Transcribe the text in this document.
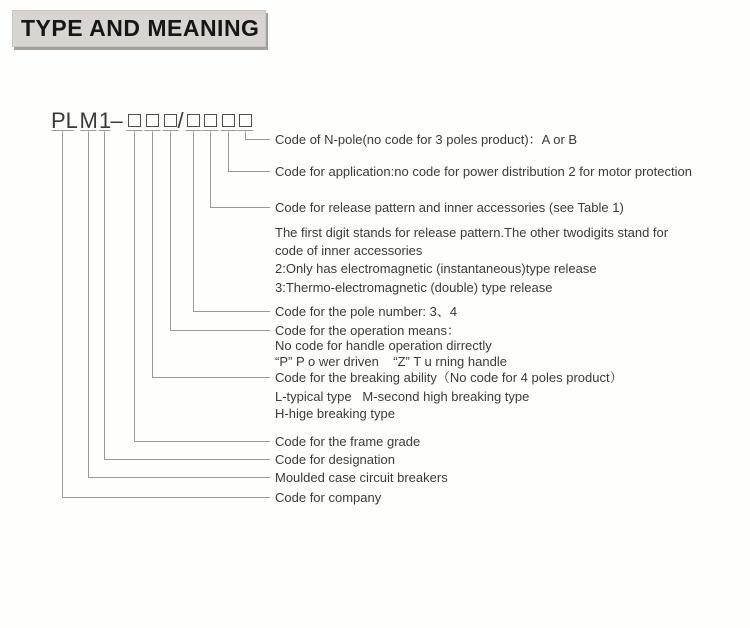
TYPE AND MEANING
PL M 1 – /
Code of N-pole(no code for 3 poles product)：A or B
Code for application:no code for power distribution 2 for motor protection
Code for release pattern and inner accessories (see Table 1)
The first digit stands for release pattern.The other twodigits stand for
code of inner accessories
2:Only has electromagnetic (instantaneous)type release
3:Thermo-electromagnetic (double) type release
Code for the pole number: 3、4
Code for the operation means：
No code for handle operation dirrectly
“P” P o wer driven    “Z” T u rning handle
Code for the breaking ability（No code for 4 poles product）
L-typical type   M-second high breaking type
H-hige breaking type
Code for the frame grade
Code for designation
Moulded case circuit breakers
Code for company
